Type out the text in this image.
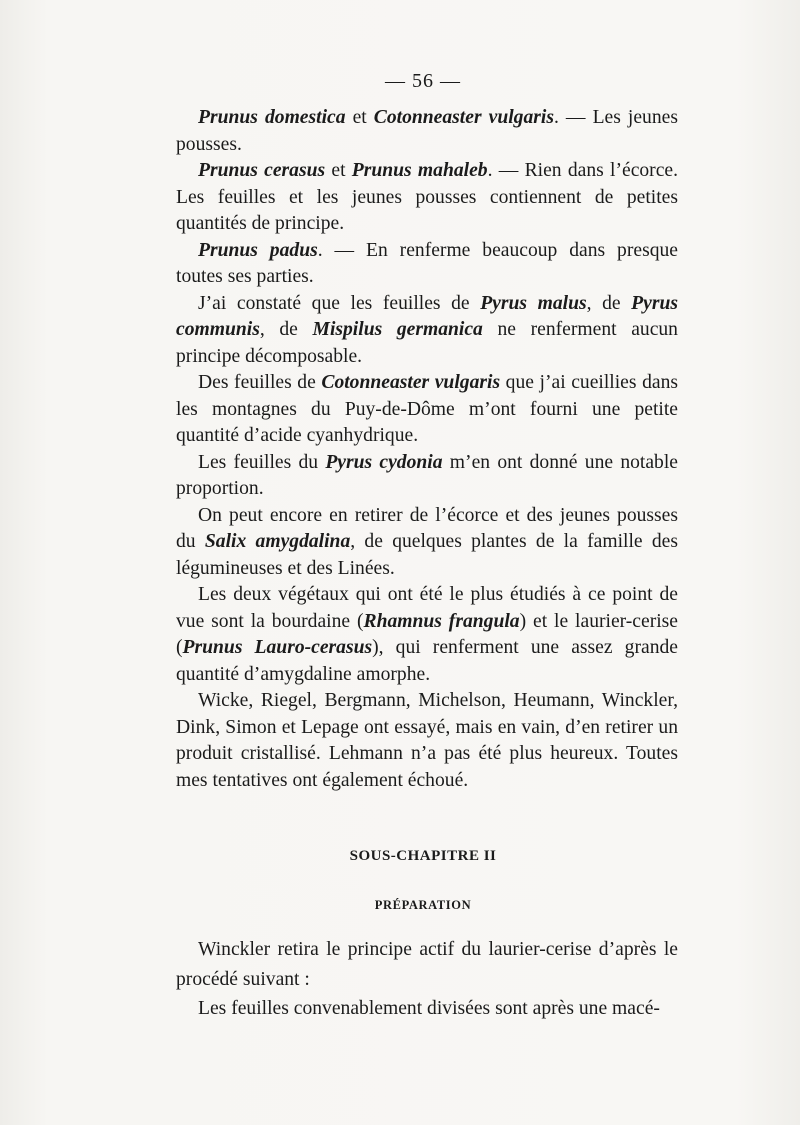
— 56 —

Prunus domestica et Cotonneaster vulgaris. — Les jeunes pousses.

Prunus cerasus et Prunus mahaleb. — Rien dans l’écorce. Les feuilles et les jeunes pousses contiennent de petites quantités de principe.

Prunus padus. — En renferme beaucoup dans presque toutes ses parties.

J’ai constaté que les feuilles de Pyrus malus, de Pyrus communis, de Mispilus germanica ne renferment aucun principe décomposable.

Des feuilles de Cotonneaster vulgaris que j’ai cueillies dans les montagnes du Puy-de-Dôme m’ont fourni une petite quantité d’acide cyanhydrique.

Les feuilles du Pyrus cydonia m’en ont donné une notable proportion.

On peut encore en retirer de l’écorce et des jeunes pousses du Salix amygdalina, de quelques plantes de la famille des légumineuses et des Linées.

Les deux végétaux qui ont été le plus étudiés à ce point de vue sont la bourdaine (Rhamnus frangula) et le laurier-cerise (Prunus Lauro-cerasus), qui renferment une assez grande quantité d’amygdaline amorphe.

Wicke, Riegel, Bergmann, Michelson, Heumann, Winckler, Dink, Simon et Lepage ont essayé, mais en vain, d’en retirer un produit cristallisé. Lehmann n’a pas été plus heureux. Toutes mes tentatives ont également échoué.

SOUS-CHAPITRE II
PRÉPARATION

Winckler retira le principe actif du laurier-cerise d’après le procédé suivant :

Les feuilles convenablement divisées sont après une macé-
